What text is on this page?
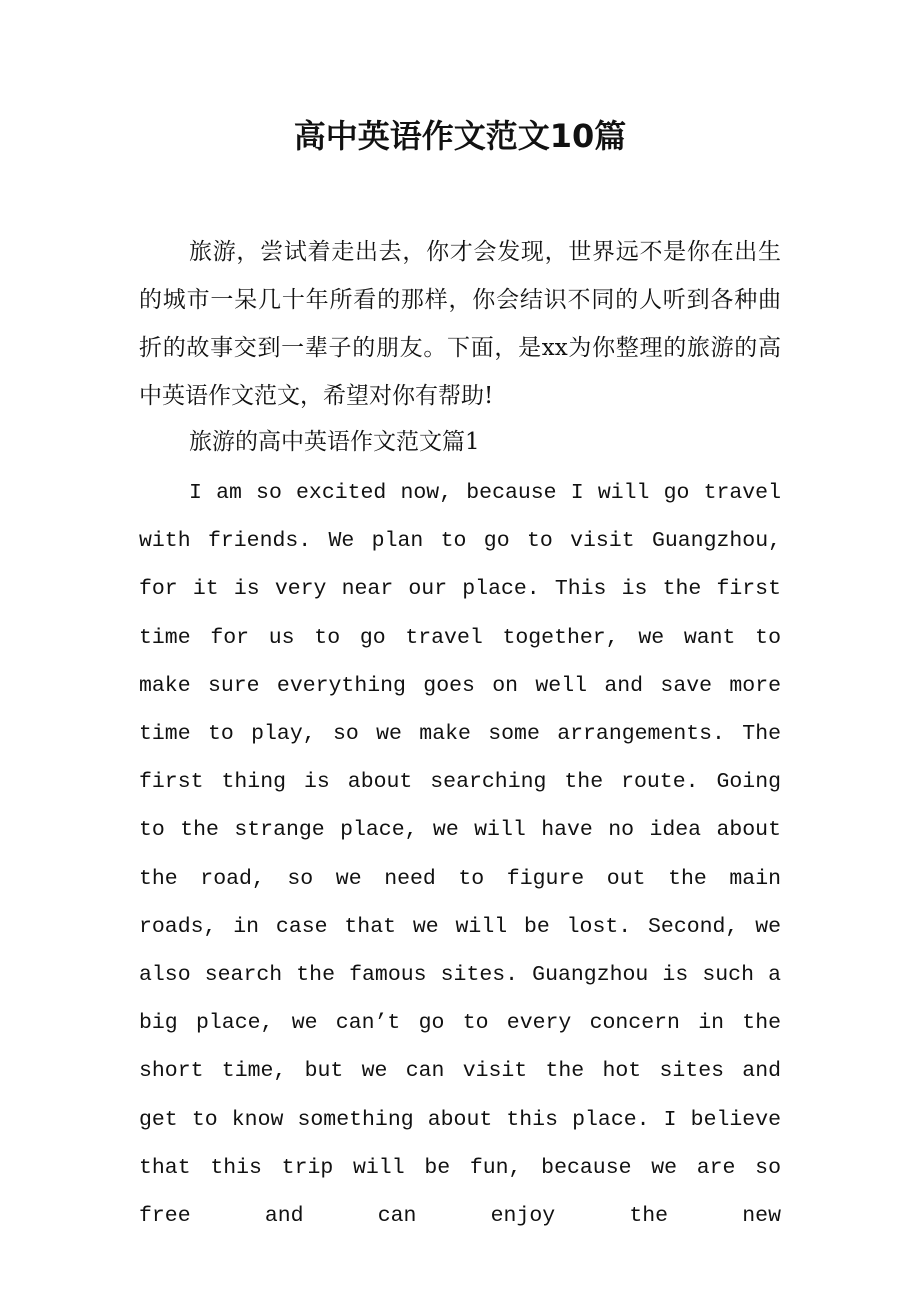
高中英语作文范文10篇

旅游，尝试着走出去，你才会发现，世界远不是你在出生的城市一呆几十年所看的那样，你会结识不同的人听到各种曲折的故事交到一辈子的朋友。下面，是xx为你整理的旅游的高中英语作文范文，希望对你有帮助!

旅游的高中英语作文范文篇1

I am so excited now, because I will go travel with friends. We plan to go to visit Guangzhou, for it is very near our place. This is the first time for us to go travel together, we want to make sure everything goes on well and save more time to play, so we make some arrangements. The first thing is about searching the route. Going to the strange place, we will have no idea about the road, so we need to figure out the main roads, in case that we will be lost. Second, we also search the famous sites. Guangzhou is such a big place, we can’t go to every concern in the short time, but we can visit the hot sites and get to know something about this place. I believe that this trip will be fun, because we are so free and can enjoy the new
